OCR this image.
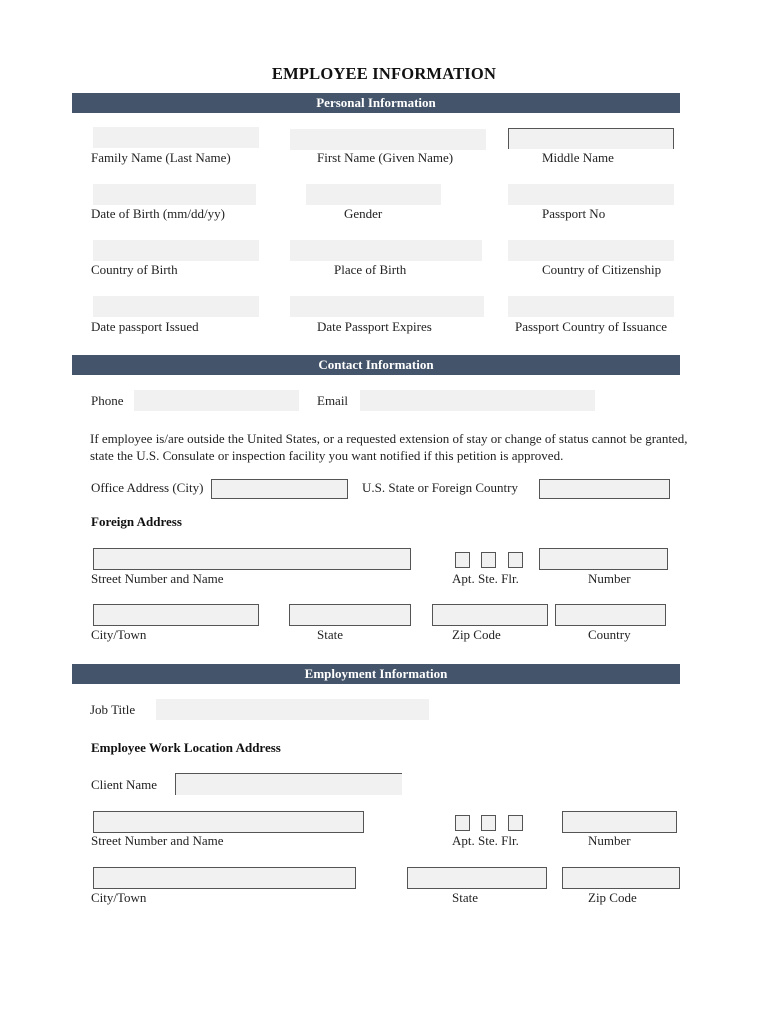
EMPLOYEE INFORMATION
Personal Information
Family Name (Last Name)	First Name (Given Name)	Middle Name
Date of Birth (mm/dd/yy)	Gender	Passport No
Country of Birth	Place of Birth	Country of Citizenship
Date passport Issued	Date Passport Expires	Passport Country of Issuance
Contact Information
Phone	Email
If employee is/are outside the United States, or a requested extension of stay or change of status cannot be granted, state the U.S. Consulate or inspection facility you want notified if this petition is approved.
Office Address (City)	U.S. State or Foreign Country
Foreign Address
Street Number and Name	Apt. Ste. Flr.	Number
City/Town	State	Zip Code	Country
Employment Information
Job Title
Employee Work Location Address
Client Name
Street Number and Name	Apt. Ste. Flr.	Number
City/Town	State	Zip Code
